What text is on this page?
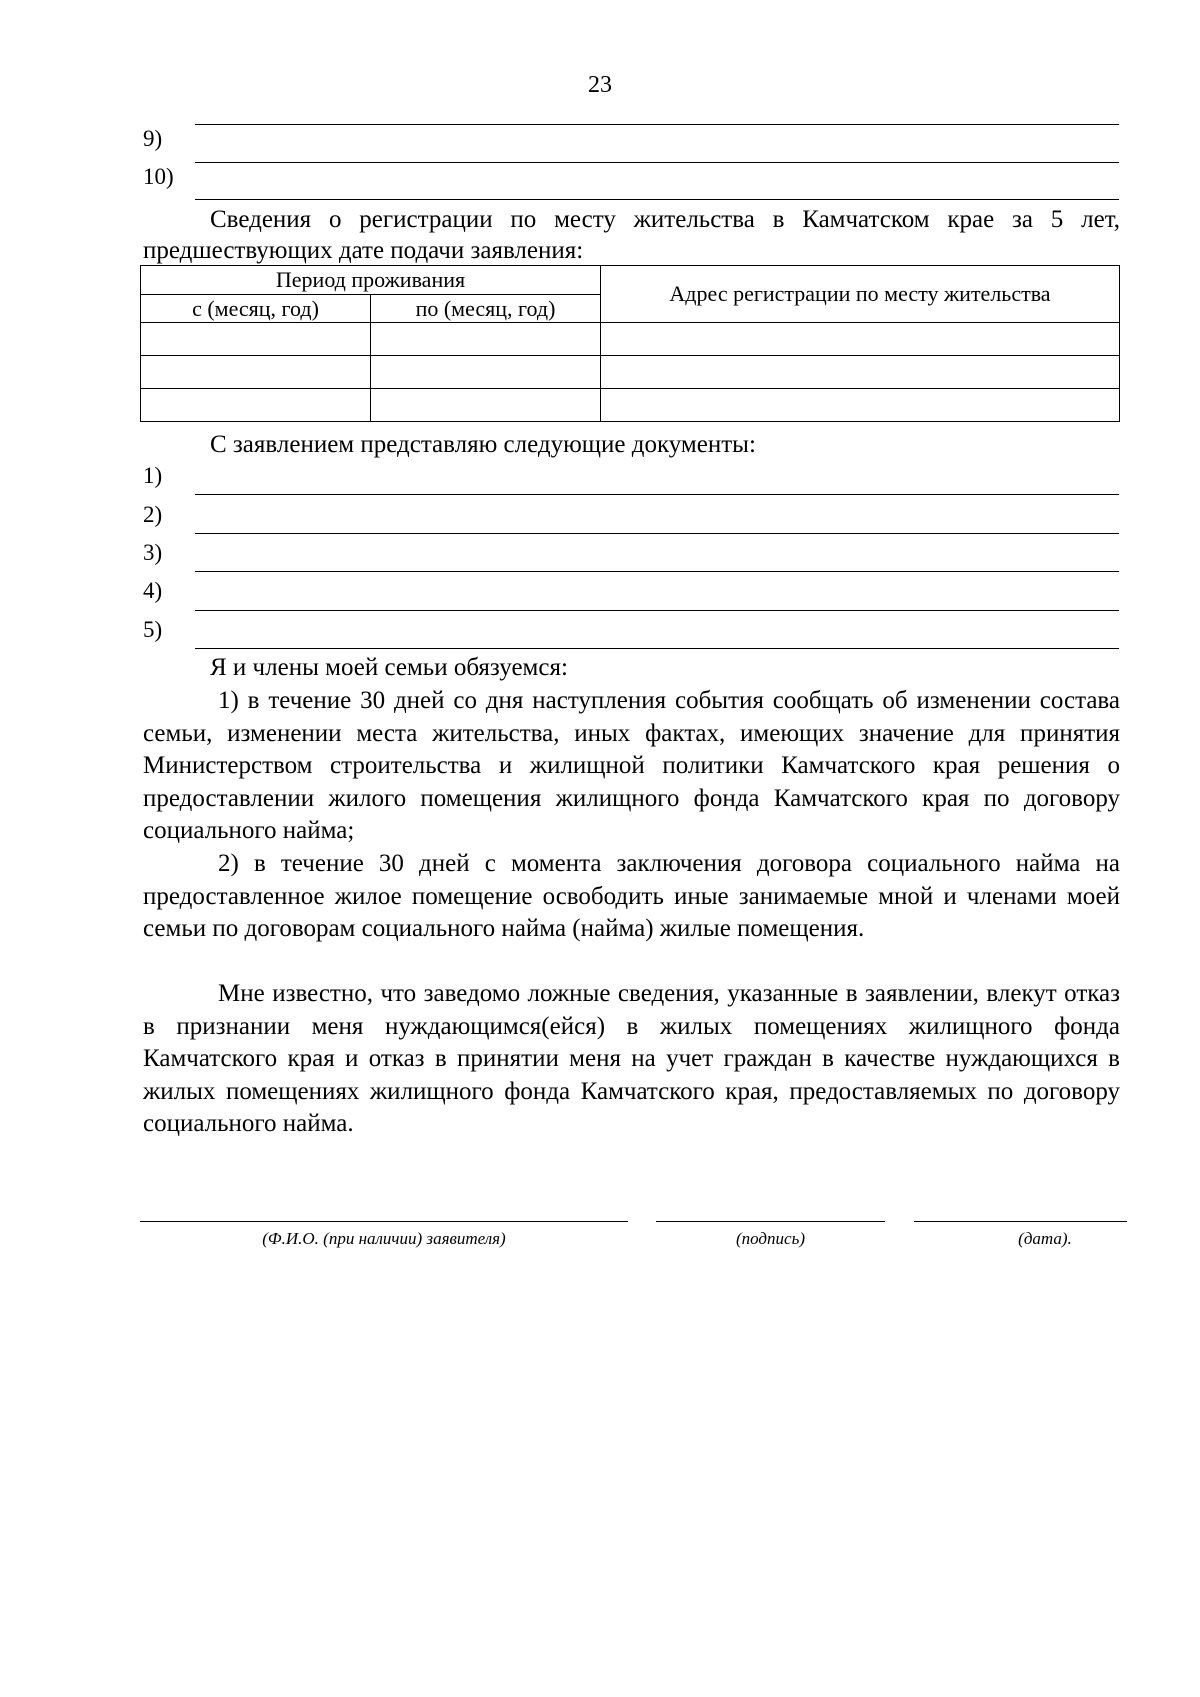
23
9)
10)

Сведения о регистрации по месту жительства в Камчатском крае за 5 лет, предшествующих дате подачи заявления:

Период проживания		Адрес регистрации по месту жительства
с (месяц, год)	по (месяц, год)	

С заявлением представляю следующие документы:

1)
2)
3)
4)
5)

Я и члены моей семьи обязуемся:

1) в течение 30 дней со дня наступления события сообщать об изменении состава семьи, изменении места жительства, иных фактах, имеющих значение для принятия Министерством строительства и жилищной политики Камчатского края решения о предоставлении жилого помещения жилищного фонда Камчатского края по договору социального найма;

2) в течение 30 дней с момента заключения договора социального найма на предоставленное жилое помещение освободить иные занимаемые мной и членами моей семьи по договорам социального найма (найма) жилые помещения.

Мне известно, что заведомо ложные сведения, указанные в заявлении, влекут отказ в признании меня нуждающимся(ейся) в жилых помещениях жилищного фонда Камчатского края и отказ в принятии меня на учет граждан в качестве нуждающихся в жилых помещениях жилищного фонда Камчатского края, предоставляемых по договору социального найма.

(Ф.И.О. (при наличии) заявителя)	(подпись)	(дата).
